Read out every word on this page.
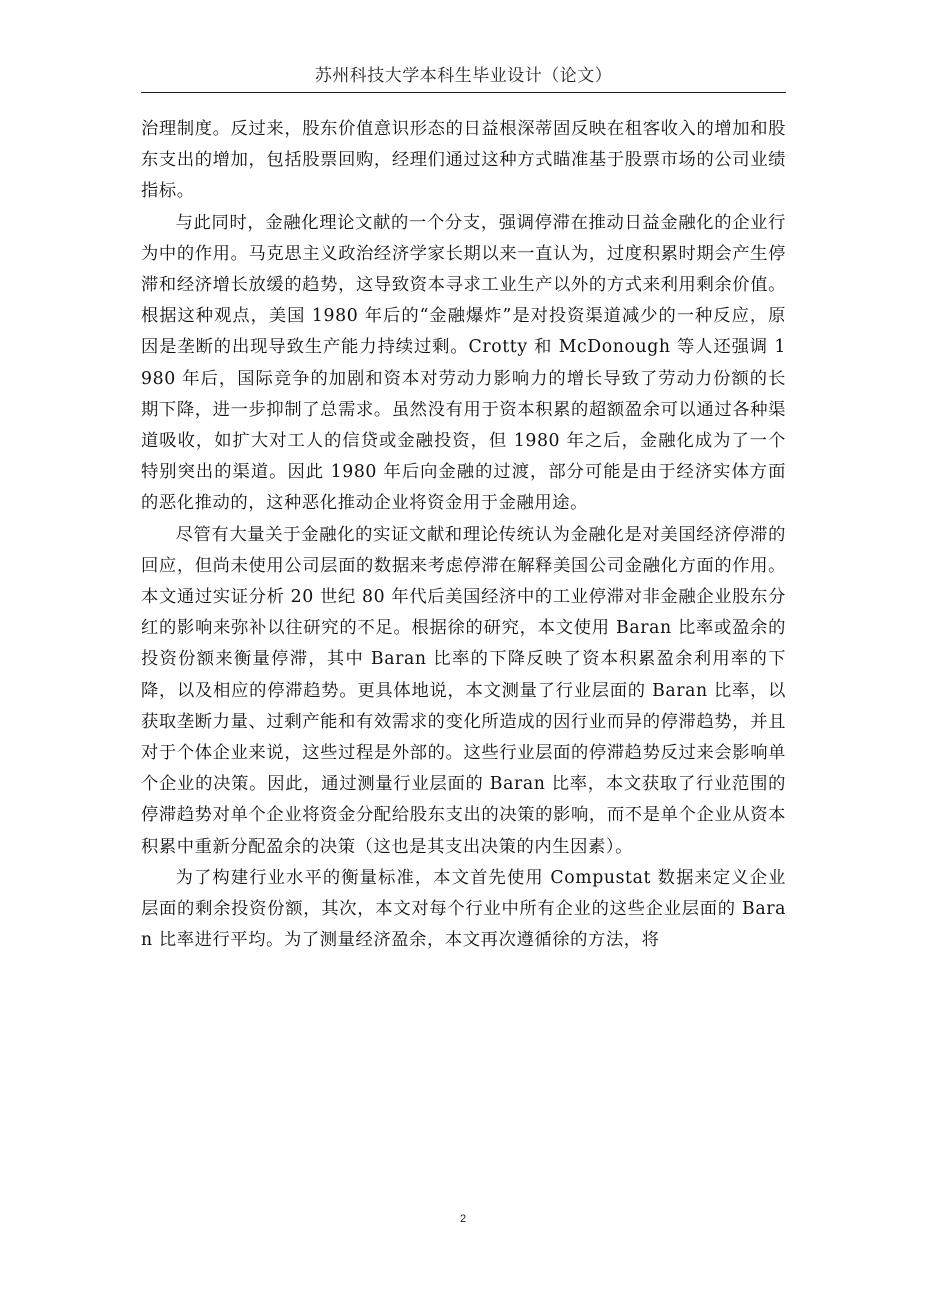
苏州科技大学本科生毕业设计（论文）

治理制度。反过来，股东价值意识形态的日益根深蒂固反映在租客收入的增加和股东支出的增加，包括股票回购，经理们通过这种方式瞄准基于股票市场的公司业绩指标。

与此同时，金融化理论文献的一个分支，强调停滞在推动日益金融化的企业行为中的作用。马克思主义政治经济学家长期以来一直认为，过度积累时期会产生停滞和经济增长放缓的趋势，这导致资本寻求工业生产以外的方式来利用剩余价值。根据这种观点，美国 1980 年后的“金融爆炸”是对投资渠道减少的一种反应，原因是垄断的出现导致生产能力持续过剩。Crotty 和 McDonough 等人还强调 1980 年后，国际竞争的加剧和资本对劳动力影响力的增长导致了劳动力份额的长期下降，进一步抑制了总需求。虽然没有用于资本积累的超额盈余可以通过各种渠道吸收，如扩大对工人的信贷或金融投资，但 1980 年之后，金融化成为了一个特别突出的渠道。因此 1980 年后向金融的过渡，部分可能是由于经济实体方面的恶化推动的，这种恶化推动企业将资金用于金融用途。

尽管有大量关于金融化的实证文献和理论传统认为金融化是对美国经济停滞的回应，但尚未使用公司层面的数据来考虑停滞在解释美国公司金融化方面的作用。本文通过实证分析 20 世纪 80 年代后美国经济中的工业停滞对非金融企业股东分红的影响来弥补以往研究的不足。根据徐的研究，本文使用 Baran 比率或盈余的投资份额来衡量停滞，其中 Baran 比率的下降反映了资本积累盈余利用率的下降，以及相应的停滞趋势。更具体地说，本文测量了行业层面的 Baran 比率，以获取垄断力量、过剩产能和有效需求的变化所造成的因行业而异的停滞趋势，并且对于个体企业来说，这些过程是外部的。这些行业层面的停滞趋势反过来会影响单个企业的决策。因此，通过测量行业层面的 Baran 比率，本文获取了行业范围的停滞趋势对单个企业将资金分配给股东支出的决策的影响，而不是单个企业从资本积累中重新分配盈余的决策（这也是其支出决策的内生因素）。

为了构建行业水平的衡量标准，本文首先使用 Compustat 数据来定义企业层面的剩余投资份额，其次，本文对每个行业中所有企业的这些企业层面的 Baran 比率进行平均。为了测量经济盈余，本文再次遵循徐的方法，将

2
